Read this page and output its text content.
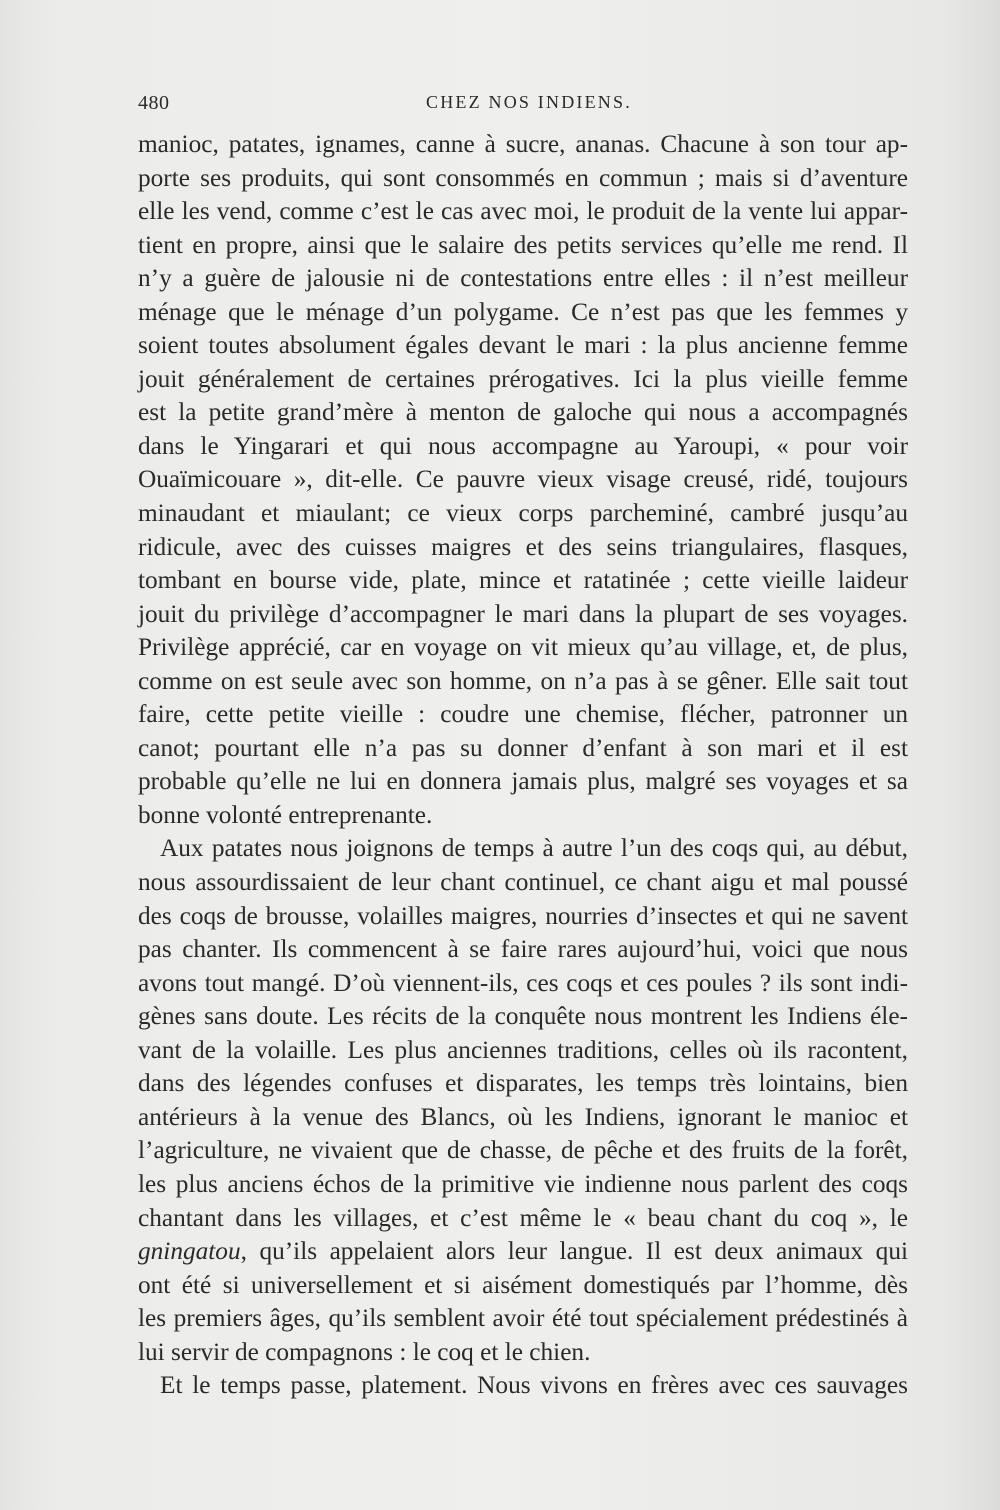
480	CHEZ NOS INDIENS.

manioc, patates, ignames, canne à sucre, ananas. Chacune à son tour ap-
porte ses produits, qui sont consommés en commun ; mais si d’aventure
elle les vend, comme c’est le cas avec moi, le produit de la vente lui appar-
tient en propre, ainsi que le salaire des petits services qu’elle me rend. Il
n’y a guère de jalousie ni de contestations entre elles : il n’est meilleur
ménage que le ménage d’un polygame. Ce n’est pas que les femmes y
soient toutes absolument égales devant le mari : la plus ancienne femme
jouit généralement de certaines prérogatives. Ici la plus vieille femme
est la petite grand’mère à menton de galoche qui nous a accompagnés
dans le Yingarari et qui nous accompagne au Yaroupi, « pour voir
Ouaïmicouare », dit-elle. Ce pauvre vieux visage creusé, ridé, toujours
minaudant et miaulant; ce vieux corps parcheminé, cambré jusqu’au
ridicule, avec des cuisses maigres et des seins triangulaires, flasques,
tombant en bourse vide, plate, mince et ratatinée ; cette vieille laideur
jouit du privilège d’accompagner le mari dans la plupart de ses voyages.
Privilège apprécié, car en voyage on vit mieux qu’au village, et, de plus,
comme on est seule avec son homme, on n’a pas à se gêner. Elle sait tout
faire, cette petite vieille : coudre une chemise, flécher, patronner un
canot; pourtant elle n’a pas su donner d’enfant à son mari et il est
probable qu’elle ne lui en donnera jamais plus, malgré ses voyages et sa
bonne volonté entreprenante.

Aux patates nous joignons de temps à autre l’un des coqs qui, au début,
nous assourdissaient de leur chant continuel, ce chant aigu et mal poussé
des coqs de brousse, volailles maigres, nourries d’insectes et qui ne savent
pas chanter. Ils commencent à se faire rares aujourd’hui, voici que nous
avons tout mangé. D’où viennent-ils, ces coqs et ces poules ? ils sont indi-
gènes sans doute. Les récits de la conquête nous montrent les Indiens éle-
vant de la volaille. Les plus anciennes traditions, celles où ils racontent,
dans des légendes confuses et disparates, les temps très lointains, bien
antérieurs à la venue des Blancs, où les Indiens, ignorant le manioc et
l’agriculture, ne vivaient que de chasse, de pêche et des fruits de la forêt,
les plus anciens échos de la primitive vie indienne nous parlent des coqs
chantant dans les villages, et c’est même le « beau chant du coq », le
gningatou, qu’ils appelaient alors leur langue. Il est deux animaux qui
ont été si universellement et si aisément domestiqués par l’homme, dès
les premiers âges, qu’ils semblent avoir été tout spécialement prédestinés à
lui servir de compagnons : le coq et le chien.

Et le temps passe, platement. Nous vivons en frères avec ces sauvages
